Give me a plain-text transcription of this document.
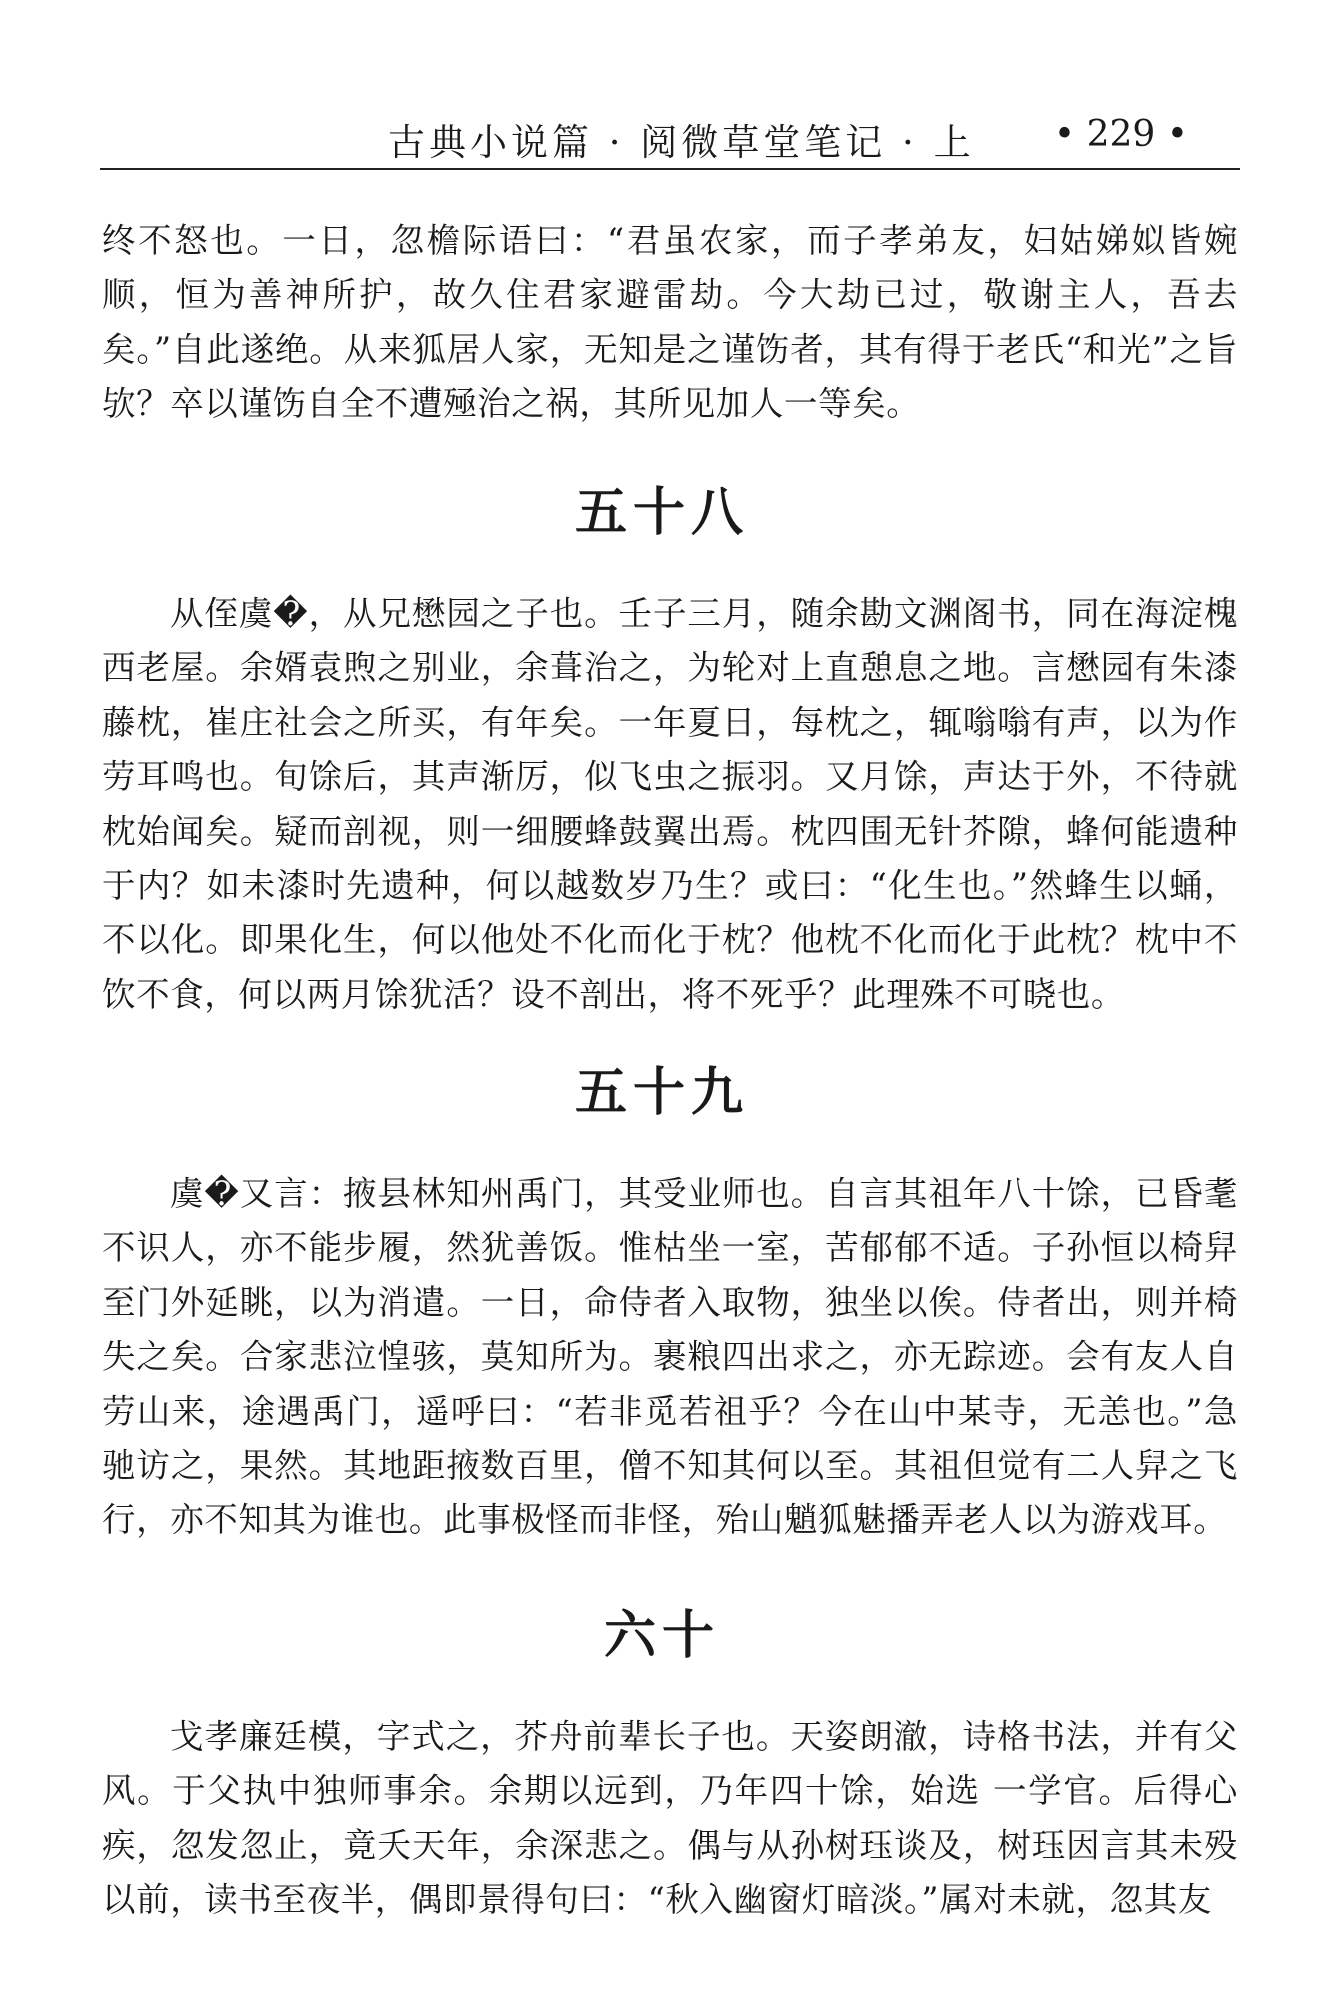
古典小说篇 · 阅微草堂笔记 · 上 • 229 •

终不怒也。一日，忽檐际语曰：“君虽农家，而子孝弟友，妇姑娣姒皆婉顺，恒为善神所护，故久住君家避雷劫。今大劫已过，敬谢主人，吾去矣。”自此遂绝。从来狐居人家，无知是之谨饬者，其有得于老氏“和光”之旨欤？卒以谨饬自全不遭殛治之祸，其所见加人一等矣。

五十八

从侄虞�，从兄懋园之子也。壬子三月，随余勘文渊阁书，同在海淀槐西老屋。余婿袁煦之别业，余葺治之，为轮对上直憩息之地。言懋园有朱漆藤枕，崔庄社会之所买，有年矣。一年夏日，每枕之，辄嗡嗡有声，以为作劳耳鸣也。旬馀后，其声渐厉，似飞虫之振羽。又月馀，声达于外，不待就枕始闻矣。疑而剖视，则一细腰蜂鼓翼出焉。枕四围无针芥隙，蜂何能遗种于内？如未漆时先遗种，何以越数岁乃生？或曰：“化生也。”然蜂生以蛹，不以化。即果化生，何以他处不化而化于枕？他枕不化而化于此枕？枕中不饮不食，何以两月馀犹活？设不剖出，将不死乎？此理殊不可晓也。

五十九

虞�又言：掖县林知州禹门，其受业师也。自言其祖年八十馀，已昏耄不识人，亦不能步履，然犹善饭。惟枯坐一室，苦郁郁不适。子孙恒以椅舁至门外延眺，以为消遣。一日，命侍者入取物，独坐以俟。侍者出，则并椅失之矣。合家悲泣惶骇，莫知所为。裹粮四出求之，亦无踪迹。会有友人自劳山来，途遇禹门，遥呼曰：“若非觅若祖乎？今在山中某寺，无恙也。”急驰访之，果然。其地距掖数百里，僧不知其何以至。其祖但觉有二人舁之飞行，亦不知其为谁也。此事极怪而非怪，殆山魈狐魅播弄老人以为游戏耳。

六十

戈孝廉廷模，字式之，芥舟前辈长子也。天姿朗澈，诗格书法，并有父风。于父执中独师事余。余期以远到，乃年四十馀，始选 一学官。后得心疾，忽发忽止，竟夭天年，余深悲之。偶与从孙树珏谈及，树珏因言其未殁以前，读书至夜半，偶即景得句曰：“秋入幽窗灯暗淡。”属对未就，忽其友
